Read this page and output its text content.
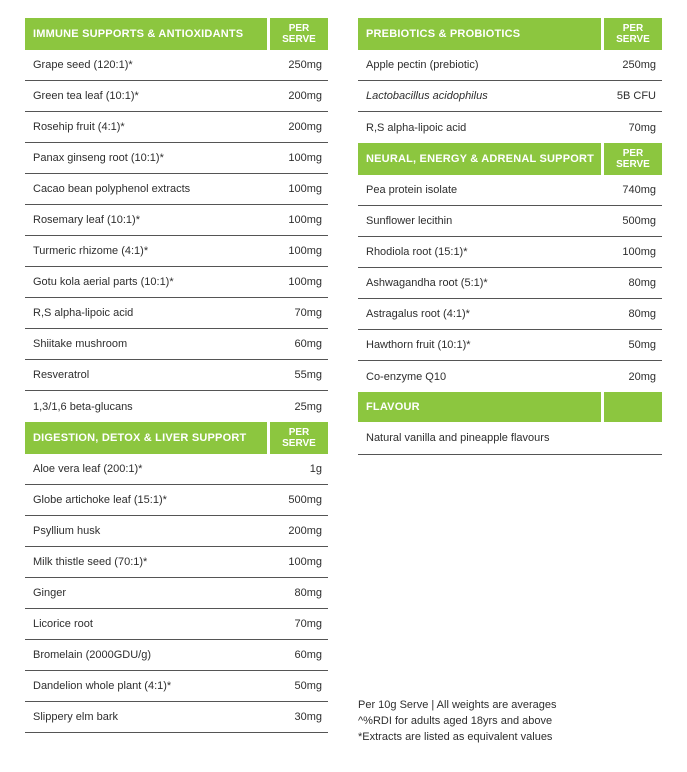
IMMUNE SUPPORTS & ANTIOXIDANTS	PER
SERVE
Grape seed (120:1)*	250mg
Green tea leaf (10:1)*	200mg
Rosehip fruit (4:1)*	200mg
Panax ginseng root (10:1)*	100mg
Cacao bean polyphenol extracts	100mg
Rosemary leaf (10:1)*	100mg
Turmeric rhizome (4:1)*	100mg
Gotu kola aerial parts (10:1)*	100mg
R,S alpha-lipoic acid	70mg
Shiitake mushroom	60mg
Resveratrol	55mg
1,3/1,6 beta-glucans	25mg
DIGESTION, DETOX & LIVER SUPPORT	PER
SERVE
Aloe vera leaf (200:1)*	1g
Globe artichoke leaf (15:1)*	500mg
Psyllium husk	200mg
Milk thistle seed (70:1)*	100mg
Ginger	80mg
Licorice root	70mg
Bromelain (2000GDU/g)	60mg
Dandelion whole plant (4:1)*	50mg
Slippery elm bark	30mg
PREBIOTICS & PROBIOTICS	PER
SERVE
Apple pectin (prebiotic)	250mg
Lactobacillus acidophilus	5B CFU
R,S alpha-lipoic acid	70mg
NEURAL, ENERGY & ADRENAL SUPPORT	PER
SERVE
Pea protein isolate	740mg
Sunflower lecithin	500mg
Rhodiola root (15:1)*	100mg
Ashwagandha root (5:1)*	80mg
Astragalus root (4:1)*	80mg
Hawthorn fruit (10:1)*	50mg
Co-enzyme Q10	20mg
FLAVOUR
Natural vanilla and pineapple flavours
Per 10g Serve | All weights are averages
^%RDI for adults aged 18yrs and above
*Extracts are listed as equivalent values
